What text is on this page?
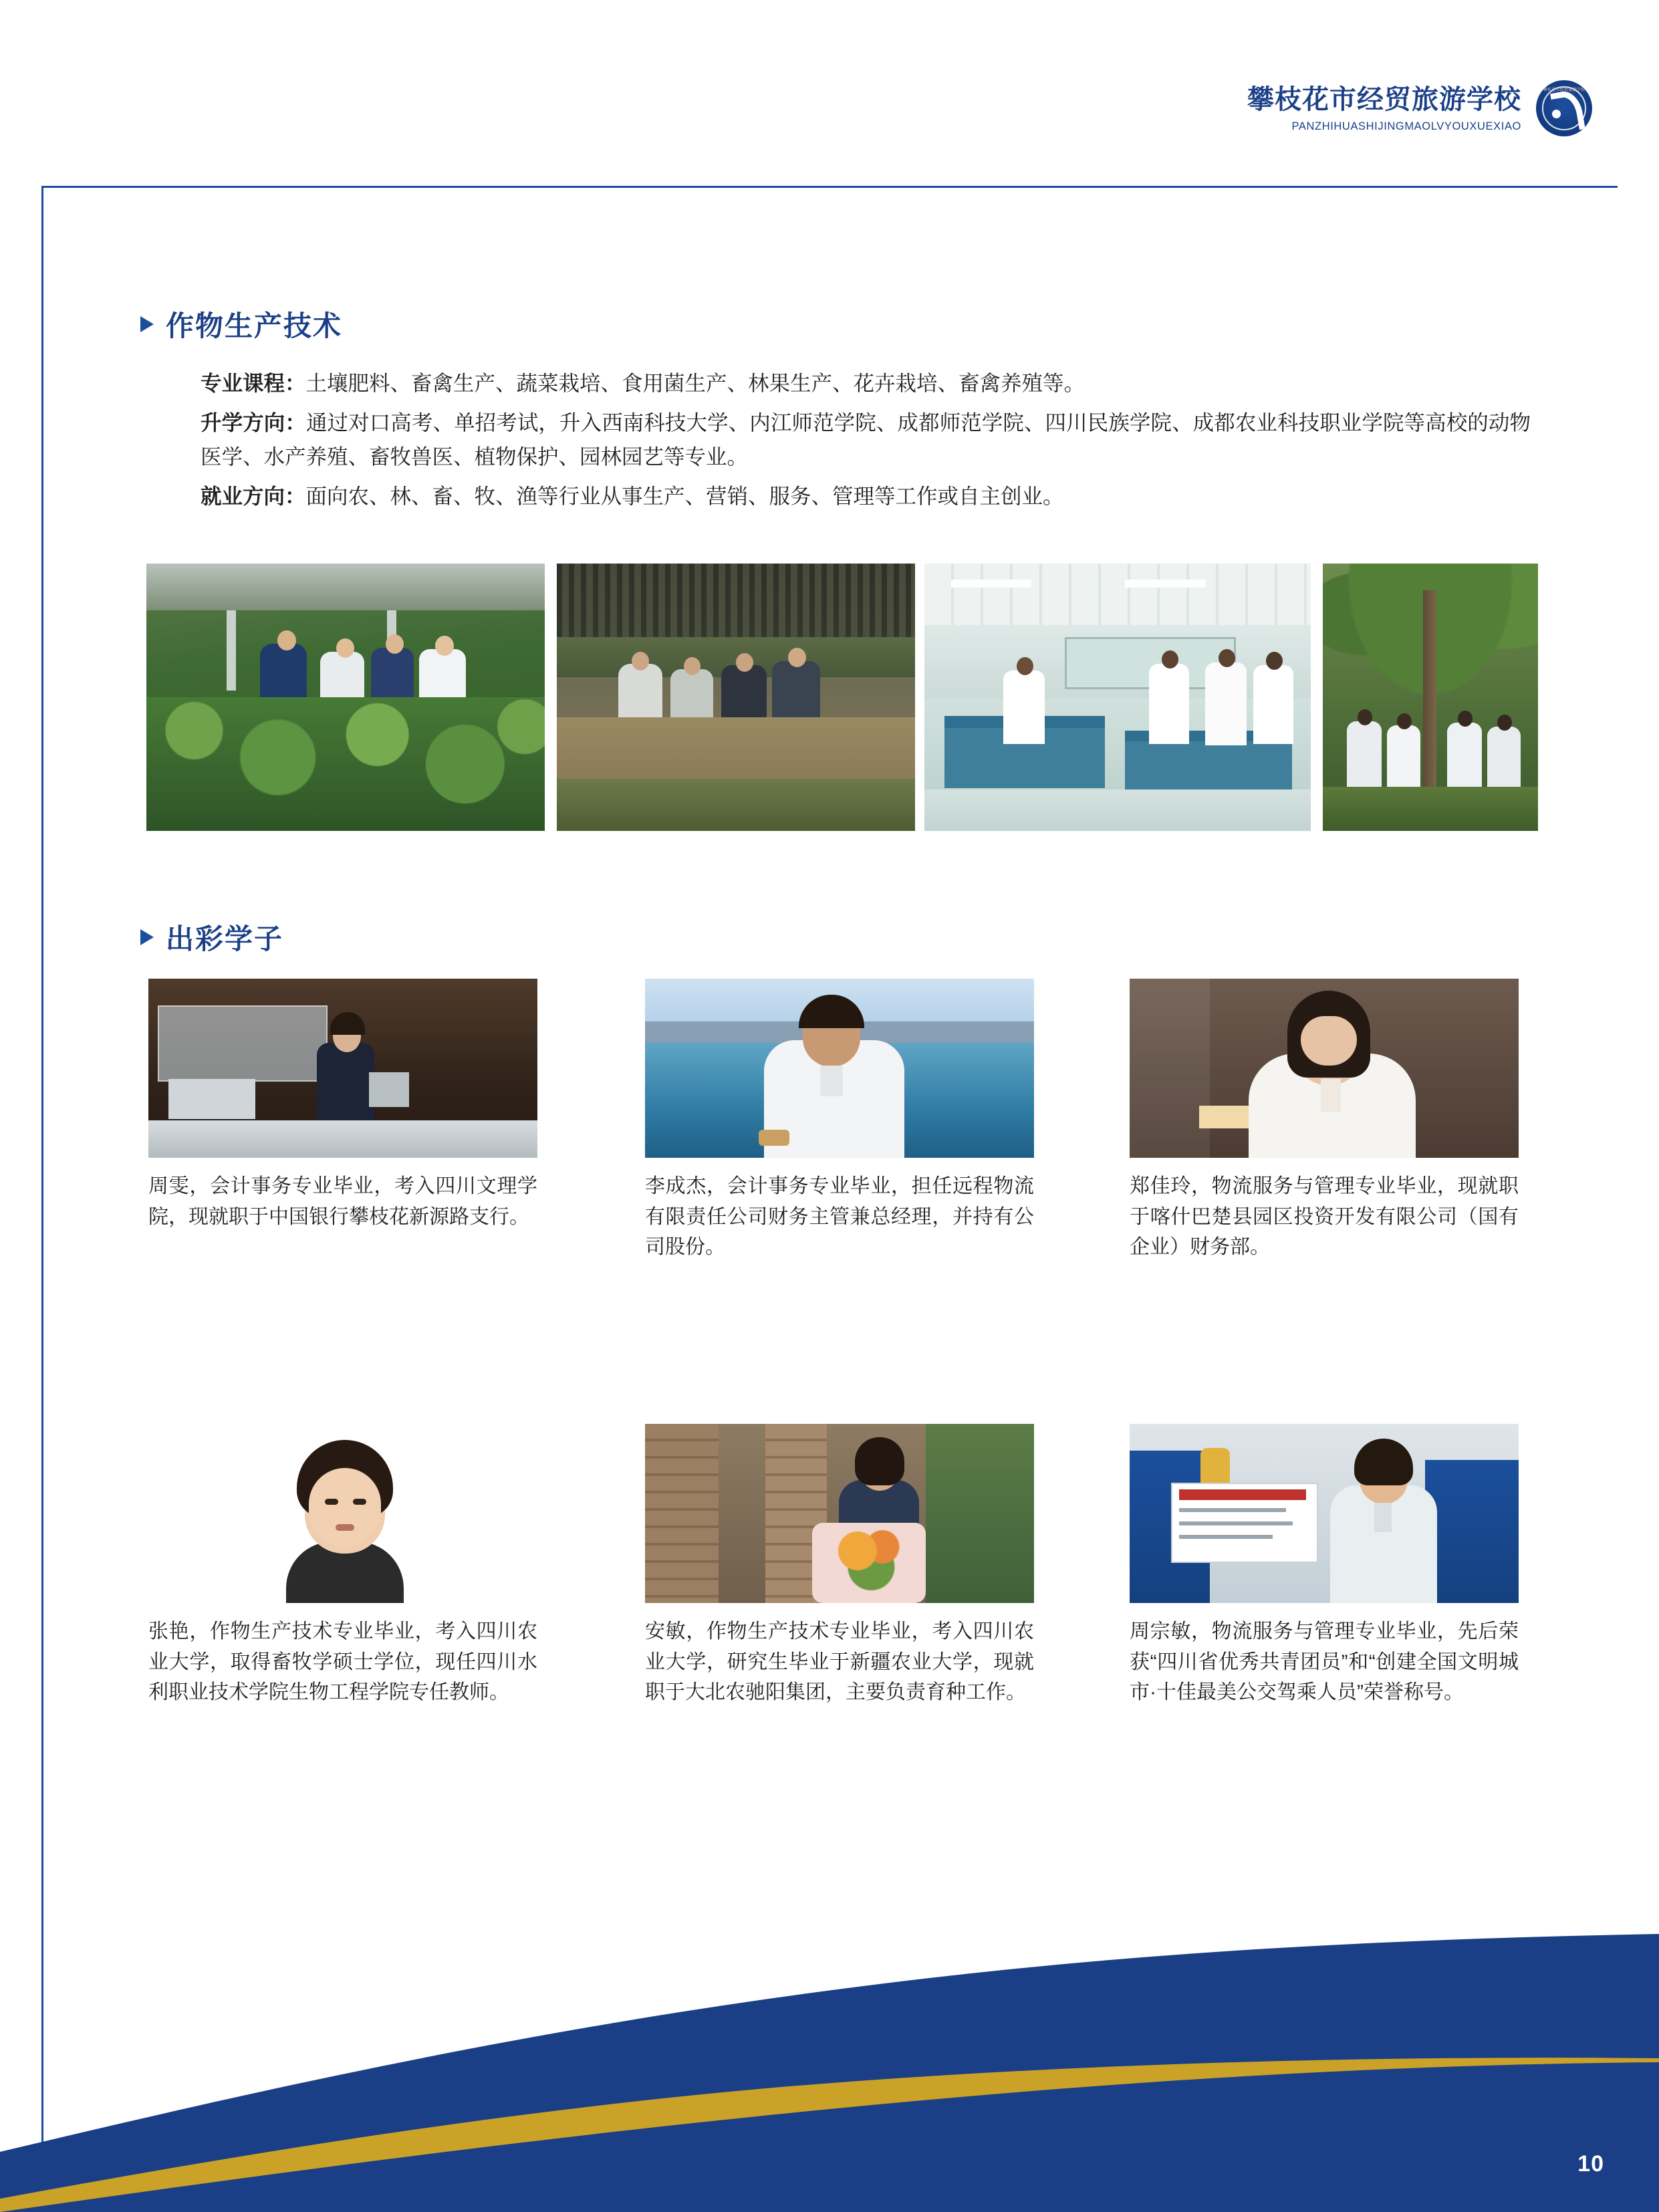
攀枝花市经贸旅游学校
PANZHIHUASHIJINGMAOLVYOUXUEXIAO
攀枝花市经贸旅游学校
作物生产技术
专业课程：土壤肥料、畜禽生产、蔬菜栽培、食用菌生产、林果生产、花卉栽培、畜禽养殖等。
升学方向：通过对口高考、单招考试，升入西南科技大学、内江师范学院、成都师范学院、四川民族学院、成都农业科技职业学院等高校的动物医学、水产养殖、畜牧兽医、植物保护、园林园艺等专业。
就业方向：面向农、林、畜、牧、渔等行业从事生产、营销、服务、管理等工作或自主创业。
出彩学子
周雯，会计事务专业毕业，考入四川文理学院，现就职于中国银行攀枝花新源路支行。
李成杰，会计事务专业毕业，担任远程物流有限责任公司财务主管兼总经理，并持有公司股份。
郑佳玲，物流服务与管理专业毕业，现就职于喀什巴楚县园区投资开发有限公司（国有企业）财务部。
张艳，作物生产技术专业毕业，考入四川农业大学，取得畜牧学硕士学位，现任四川水利职业技术学院生物工程学院专任教师。
安敏，作物生产技术专业毕业，考入四川农业大学，研究生毕业于新疆农业大学，现就职于大北农驰阳集团，主要负责育种工作。
周宗敏，物流服务与管理专业毕业，先后荣获“四川省优秀共青团员”和“创建全国文明城市·十佳最美公交驾乘人员”荣誉称号。
10
